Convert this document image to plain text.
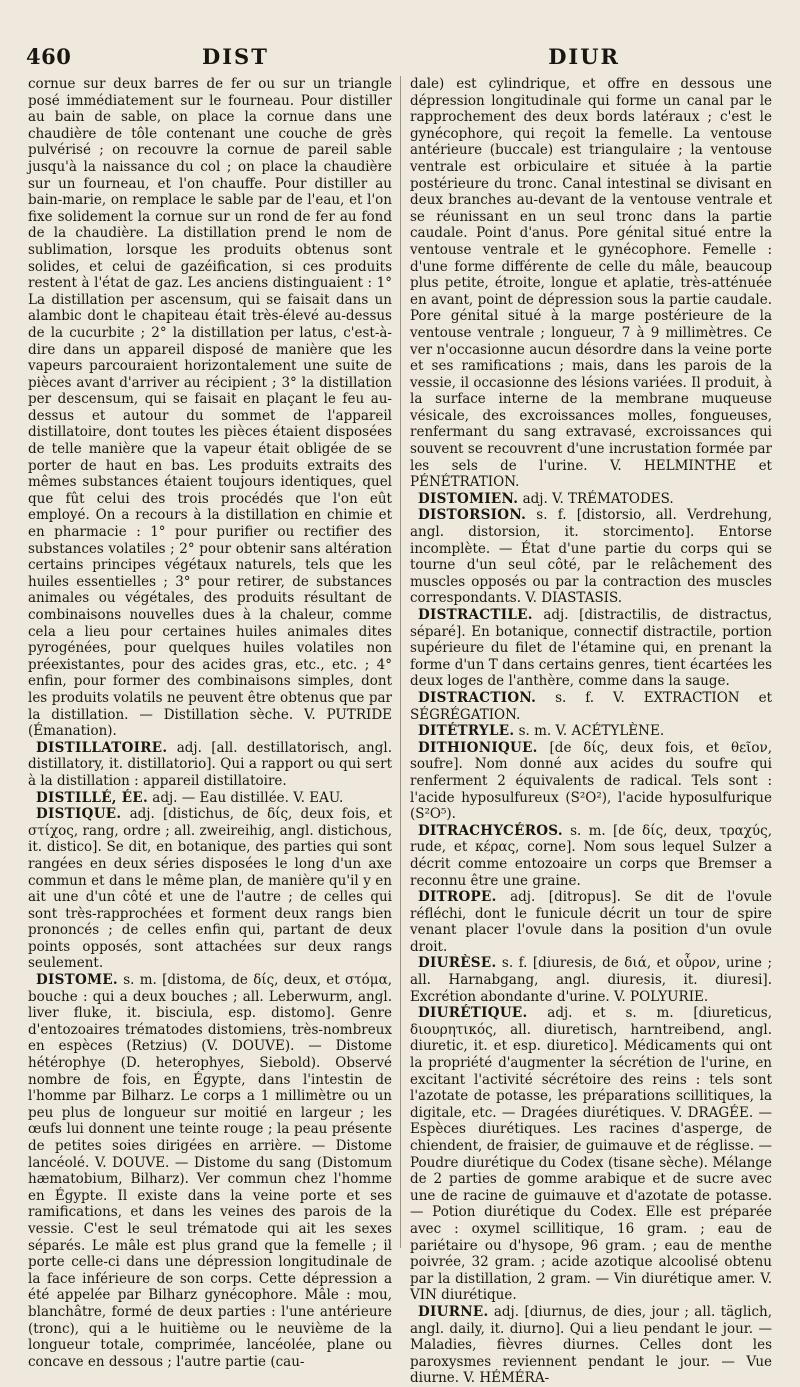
460	DIST	DIUR

cornue sur deux barres de fer ou sur un triangle posé immédiatement sur le fourneau. Pour distiller au bain de sable, on place la cornue dans une chaudière de tôle contenant une couche de grès pulvérisé ; on recouvre la cornue de pareil sable jusqu'à la naissance du col ; on place la chaudière sur un fourneau, et l'on chauffe. Pour distiller au bain-marie, on remplace le sable par de l'eau, et l'on fixe solidement la cornue sur un rond de fer au fond de la chaudière. La distillation prend le nom de sublimation, lorsque les produits obtenus sont solides, et celui de gazéification, si ces produits restent à l'état de gaz. Les anciens distinguaient : 1° La distillation per ascensum, qui se faisait dans un alambic dont le chapiteau était très-élevé au-dessus de la cucurbite ; 2° la distillation per latus, c'est-à-dire dans un appareil disposé de manière que les vapeurs parcouraient horizontalement une suite de pièces avant d'arriver au récipient ; 3° la distillation per descensum, qui se faisait en plaçant le feu au-dessus et autour du sommet de l'appareil distillatoire, dont toutes les pièces étaient disposées de telle manière que la vapeur était obligée de se porter de haut en bas. Les produits extraits des mêmes substances étaient toujours identiques, quel que fût celui des trois procédés que l'on eût employé. On a recours à la distillation en chimie et en pharmacie : 1° pour purifier ou rectifier des substances volatiles ; 2° pour obtenir sans altération certains principes végétaux naturels, tels que les huiles essentielles ; 3° pour retirer, de substances animales ou végétales, des produits résultant de combinaisons nouvelles dues à la chaleur, comme cela a lieu pour certaines huiles animales dites pyrogénées, pour quelques huiles volatiles non préexistantes, pour des acides gras, etc., etc. ; 4° enfin, pour former des combinaisons simples, dont les produits volatils ne peuvent être obtenus que par la distillation. — Distillation sèche. V. PUTRIDE (Émanation).

DISTILLATOIRE. adj. [all. destillatorisch, angl. distillatory, it. distillatorio]. Qui a rapport ou qui sert à la distillation : appareil distillatoire.

DISTILLÉ, ÉE. adj. — Eau distillée. V. EAU.

DISTIQUE. adj. [distichus, de δίς, deux fois, et στίχος, rang, ordre ; all. zweireihig, angl. distichous, it. distico]. Se dit, en botanique, des parties qui sont rangées en deux séries disposées le long d'un axe commun et dans le même plan, de manière qu'il y en ait une d'un côté et une de l'autre ; de celles qui sont très-rapprochées et forment deux rangs bien prononcés ; de celles enfin qui, partant de deux points opposés, sont attachées sur deux rangs seulement.

DISTOME. s. m. [distoma, de δίς, deux, et στόμα, bouche : qui a deux bouches ; all. Leberwurm, angl. liver fluke, it. bisciula, esp. distomo]. Genre d'entozoaires trématodes distomiens, très-nombreux en espèces (Retzius) (V. DOUVE). — Distome hétérophye (D. heterophyes, Siebold). Observé nombre de fois, en Égypte, dans l'intestin de l'homme par Bilharz. Le corps a 1 millimètre ou un peu plus de longueur sur moitié en largeur ; les œufs lui donnent une teinte rouge ; la peau présente de petites soies dirigées en arrière. — Distome lancéolé. V. DOUVE. — Distome du sang (Distomum hæmatobium, Bilharz). Ver commun chez l'homme en Égypte. Il existe dans la veine porte et ses ramifications, et dans les veines des parois de la vessie. C'est le seul trématode qui ait les sexes séparés. Le mâle est plus grand que la femelle ; il porte celle-ci dans une dépression longitudinale de la face inférieure de son corps. Cette dépression a été appelée par Bilharz gynécophore. Mâle : mou, blanchâtre, formé de deux parties : l'une antérieure (tronc), qui a le huitième ou le neuvième de la longueur totale, comprimée, lancéolée, plane ou concave en dessous ; l'autre partie (cau-

dale) est cylindrique, et offre en dessous une dépression longitudinale qui forme un canal par le rapprochement des deux bords latéraux ; c'est le gynécophore, qui reçoit la femelle. La ventouse antérieure (buccale) est triangulaire ; la ventouse ventrale est orbiculaire et située à la partie postérieure du tronc. Canal intestinal se divisant en deux branches au-devant de la ventouse ventrale et se réunissant en un seul tronc dans la partie caudale. Point d'anus. Pore génital situé entre la ventouse ventrale et le gynécophore. Femelle : d'une forme différente de celle du mâle, beaucoup plus petite, étroite, longue et aplatie, très-atténuée en avant, point de dépression sous la partie caudale. Pore génital situé à la marge postérieure de la ventouse ventrale ; longueur, 7 à 9 millimètres. Ce ver n'occasionne aucun désordre dans la veine porte et ses ramifications ; mais, dans les parois de la vessie, il occasionne des lésions variées. Il produit, à la surface interne de la membrane muqueuse vésicale, des excroissances molles, fongueuses, renfermant du sang extravasé, excroissances qui souvent se recouvrent d'une incrustation formée par les sels de l'urine. V. HELMINTHE et PÉNÉTRATION.

DISTOMIEN. adj. V. TRÉMATODES.

DISTORSION. s. f. [distorsio, all. Verdrehung, angl. distorsion, it. storcimento]. Entorse incomplète. — État d'une partie du corps qui se tourne d'un seul côté, par le relâchement des muscles opposés ou par la contraction des muscles correspondants. V. DIASTASIS.

DISTRACTILE. adj. [distractilis, de distractus, séparé]. En botanique, connectif distractile, portion supérieure du filet de l'étamine qui, en prenant la forme d'un T dans certains genres, tient écartées les deux loges de l'anthère, comme dans la sauge.

DISTRACTION. s. f. V. EXTRACTION et SÉGRÉGATION.

DITÉTRYLE. s. m. V. ACÉTYLÈNE.

DITHIONIQUE. [de δίς, deux fois, et θεῖον, soufre]. Nom donné aux acides du soufre qui renferment 2 équivalents de radical. Tels sont : l'acide hyposulfureux (S²O²), l'acide hyposulfurique (S²O⁵).

DITRACHYCÉROS. s. m. [de δίς, deux, τραχύς, rude, et κέρας, corne]. Nom sous lequel Sulzer a décrit comme entozoaire un corps que Bremser a reconnu être une graine.

DITROPE. adj. [ditropus]. Se dit de l'ovule réfléchi, dont le funicule décrit un tour de spire venant placer l'ovule dans la position d'un ovule droit.

DIURÈSE. s. f. [diuresis, de διά, et οὖρον, urine ; all. Harnabgang, angl. diuresis, it. diuresi]. Excrétion abondante d'urine. V. POLYURIE.

DIURÉTIQUE. adj. et s. m. [diureticus, διουρητικός, all. diuretisch, harntreibend, angl. diuretic, it. et esp. diuretico]. Médicaments qui ont la propriété d'augmenter la sécrétion de l'urine, en excitant l'activité sécrétoire des reins : tels sont l'azotate de potasse, les préparations scillitiques, la digitale, etc. — Dragées diurétiques. V. DRAGÉE. — Espèces diurétiques. Les racines d'asperge, de chiendent, de fraisier, de guimauve et de réglisse. — Poudre diurétique du Codex (tisane sèche). Mélange de 2 parties de gomme arabique et de sucre avec une de racine de guimauve et d'azotate de potasse. — Potion diurétique du Codex. Elle est préparée avec : oxymel scillitique, 16 gram. ; eau de pariétaire ou d'hysope, 96 gram. ; eau de menthe poivrée, 32 gram. ; acide azotique alcoolisé obtenu par la distillation, 2 gram. — Vin diurétique amer. V. VIN diurétique.

DIURNE. adj. [diurnus, de dies, jour ; all. täglich, angl. daily, it. diurno]. Qui a lieu pendant le jour. — Maladies, fièvres diurnes. Celles dont les paroxysmes reviennent pendant le jour. — Vue diurne. V. HÉMÉRA-
